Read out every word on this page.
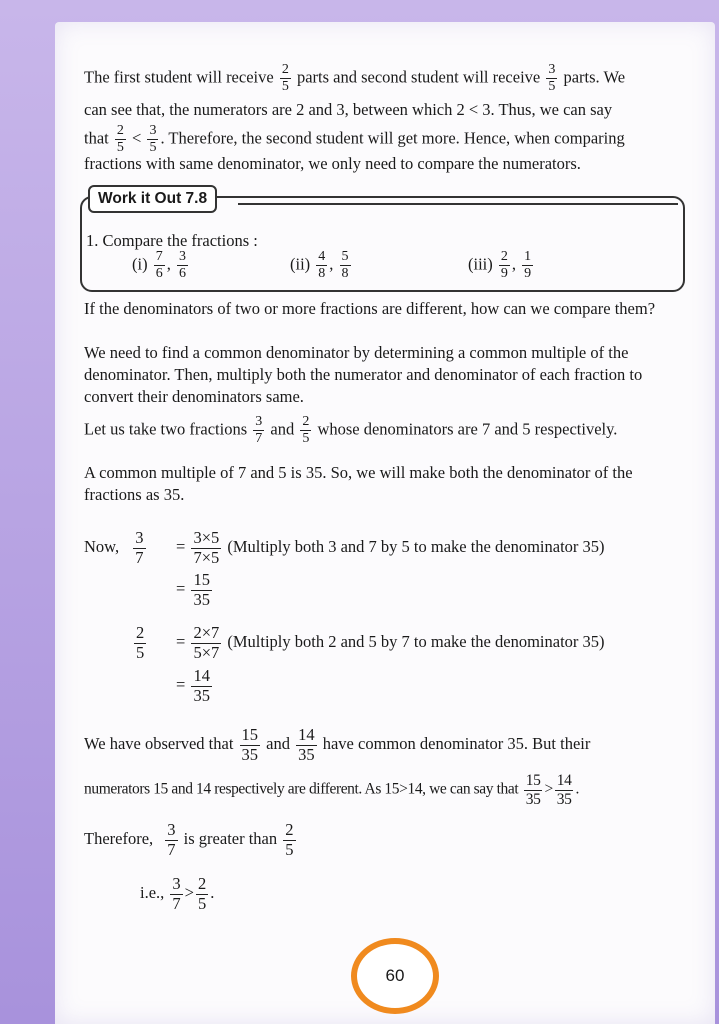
The first student will receive $\frac{2}{5}$ parts and second student will receive $\frac{3}{5}$ parts. We
can see that, the numerators are 2 and 3, between which 2 < 3. Thus, we can say
that $\frac{2}{5} < \frac{3}{5}$ . Therefore, the second student will get more. Hence, when comparing
fractions with same denominator, we only need to compare the numerators.
Work it Out 7.8
1. Compare the fractions :
$(i) \frac{7}{6}$ , $\frac{3}{6}$	$(ii) \frac{4}{8}$ , $\frac{5}{8}$	$(iii) \frac{2}{9}$ , $\frac{1}{9}$
If the denominators of two or more fractions are different, how can we compare them?
We need to find a common denominator by determining a common multiple of the denominator. Then, multiply both the numerator and denominator of each fraction to convert their denominators same.
Let us take two fractions $\frac{3}{7}$ and $\frac{2}{5}$ whose denominators are 7 and 5 respectively.
A common multiple of 7 and 5 is 35. So, we will make both the denominator of the fractions as 35.
Now, $\frac{3}{7} = \frac{3\times 5}{7\times 5}$ (Multiply both 3 and 7 by 5 to make the denominator 35)
= $\frac{15}{35}$
$\frac{2}{5} = \frac{2\times 7}{5\times 7}$ (Multiply both 2 and 5 by 7 to make the denominator 35)
= $\frac{14}{35}$
We have observed that $\frac{15}{35}$ and $\frac{14}{35}$ have common denominator 35. But their
numerators 15 and 14 respectively are different. As 15>14, we can say that $\frac{15}{35} > \frac{14}{35}$ .
Therefore, $\frac{3}{7}$ is greater than $\frac{2}{5}$
i.e., $\frac{3}{7} > \frac{2}{5}$ .
60
